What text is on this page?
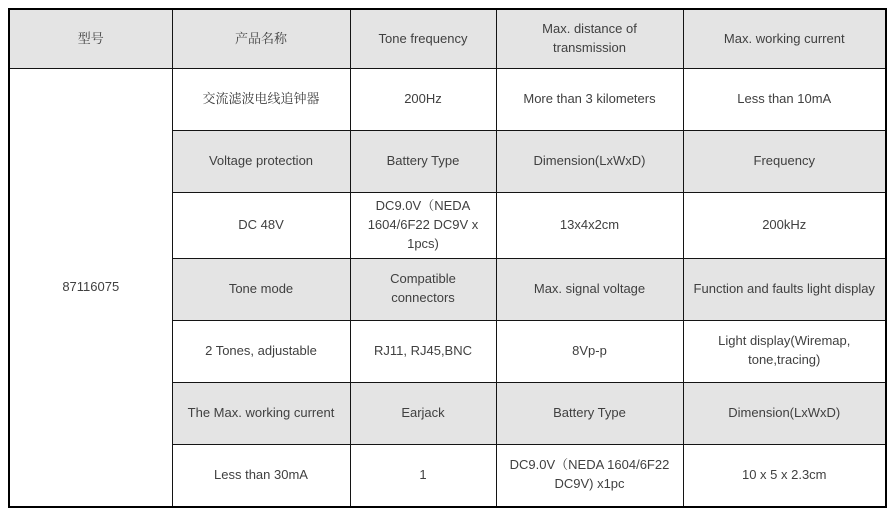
型号	产品名称	Tone frequency	Max. distance of transmission	Max. working current
87116075	交流滤波电线追钟器	200Hz	More than 3 kilometers	Less than 10mA
	Voltage protection	Battery Type	Dimension(LxWxD)	Frequency
	DC 48V	DC9.0V（NEDA 1604/6F22 DC9V x 1pcs)	13x4x2cm	200kHz
	Tone mode	Compatible connectors	Max. signal voltage	Function and faults light display
	2 Tones, adjustable	RJ11, RJ45,BNC	8Vp-p	Light display(Wiremap, tone,tracing)
	The Max. working current	Earjack	Battery Type	Dimension(LxWxD)
	Less than 30mA	1	DC9.0V（NEDA 1604/6F22 DC9V) x1pc	10 x 5 x 2.3cm
